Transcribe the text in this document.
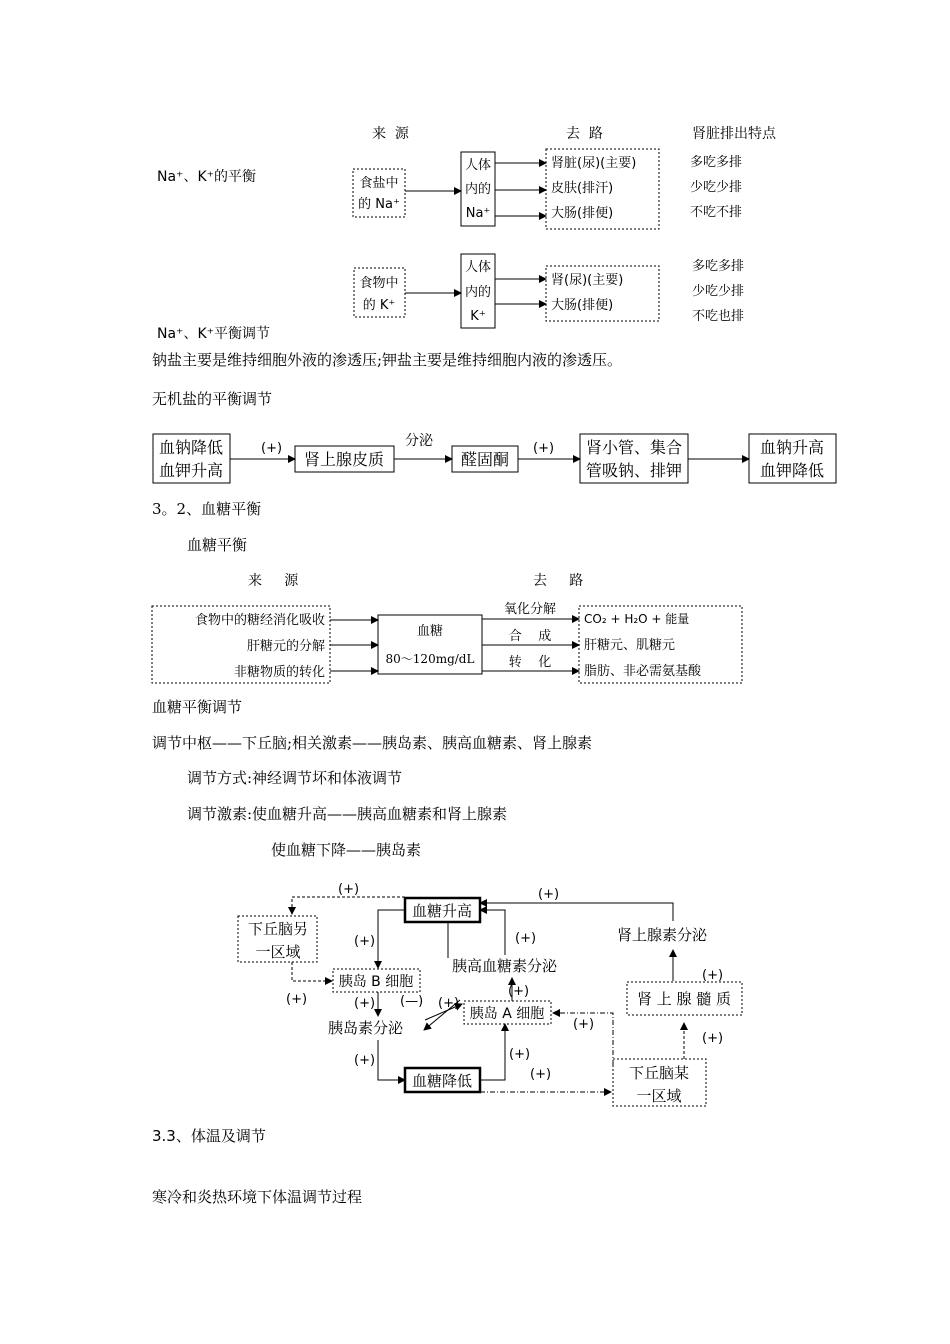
Na⁺、K⁺的平衡
来  源	去  路	肾脏排出特点
食盐中
的 Na⁺
人体
内的
Na⁺
肾脏(尿)(主要)
皮肤(排汗)
大肠(排便)
多吃多排
少吃少排
不吃不排
食物中
的 K⁺
人体
内的
K⁺
肾(尿)(主要)
大肠(排便)
多吃多排
少吃少排
不吃也排
Na⁺、K⁺平衡调节
钠盐主要是维持细胞外液的渗透压;钾盐主要是维持细胞内液的渗透压。
无机盐的平衡调节
血钠降低
血钾升高
(+)
肾上腺皮质
分泌
醛固酮
(+) 肾小管、集合
管吸钠、排钾
血钠升高
血钾降低
3。2、血糖平衡
血糖平衡
来     源	去     路
食物中的糖经消化吸收
肝糖元的分解
非糖物质的转化
血糖
80～120mg/dL
氧化分解
合    成
转    化
CO₂ + H₂O + 能量
肝糖元、肌糖元
脂肪、非必需氨基酸
血糖平衡调节
调节中枢——下丘脑;相关激素——胰岛素、胰高血糖素、肾上腺素
调节方式:神经调节坏和体液调节
调节激素:使血糖升高——胰高血糖素和肾上腺素
使血糖下降——胰岛素
下丘脑另
一区域
血糖升高
(+)
(+)
(+)
胰岛 B 细胞
(+)
胰岛素分泌
(+)
血糖降低
(+)
胰岛 A 细胞
(—) (+)
(+)
胰高血糖素分泌
(+)
(+)
肾上腺素分泌
(+)
肾 上 腺 髓 质
(+)
下丘脑某
一区域
(+)
(+)
3.3、体温及调节
寒冷和炎热环境下体温调节过程
